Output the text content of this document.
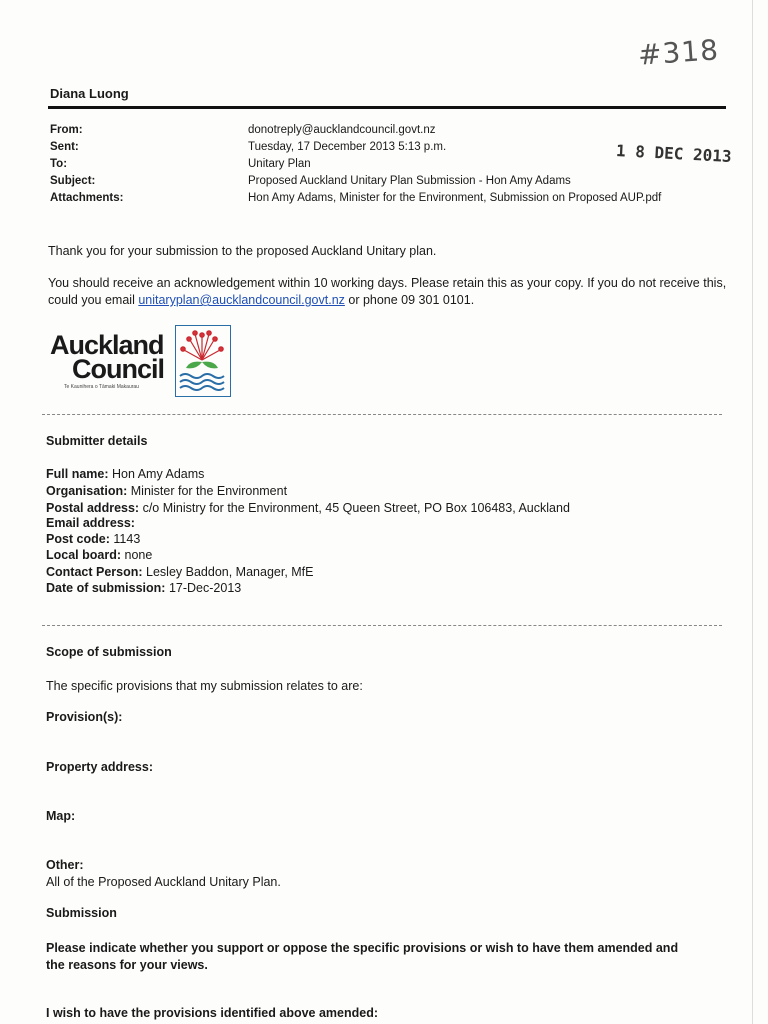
#318
Diana Luong
From:	donotreply@aucklandcouncil.govt.nz
Sent:	Tuesday, 17 December 2013 5:13 p.m.
To:	Unitary Plan
Subject:	Proposed Auckland Unitary Plan Submission - Hon Amy Adams
Attachments:	Hon Amy Adams, Minister for the Environment, Submission on Proposed AUP.pdf
1 8 DEC 2013
Thank you for your submission to the proposed Auckland Unitary plan.
You should receive an acknowledgement within 10 working days. Please retain this as your copy. If you do not receive this, could you email unitaryplan@aucklandcouncil.govt.nz or phone 09 301 0101.
Auckland
Council
Te Kaunihera o Tāmaki Makaurau
Submitter details
Full name: Hon Amy Adams
Organisation: Minister for the Environment
Postal address: c/o Ministry for the Environment, 45 Queen Street, PO Box 106483, Auckland
Email address:
Post code: 1143
Local board: none
Contact Person: Lesley Baddon, Manager, MfE
Date of submission: 17-Dec-2013
Scope of submission
The specific provisions that my submission relates to are:
Provision(s):
Property address:
Map:
Other:
All of the Proposed Auckland Unitary Plan.
Submission
Please indicate whether you support or oppose the specific provisions or wish to have them amended and the reasons for your views.
I wish to have the provisions identified above amended:
